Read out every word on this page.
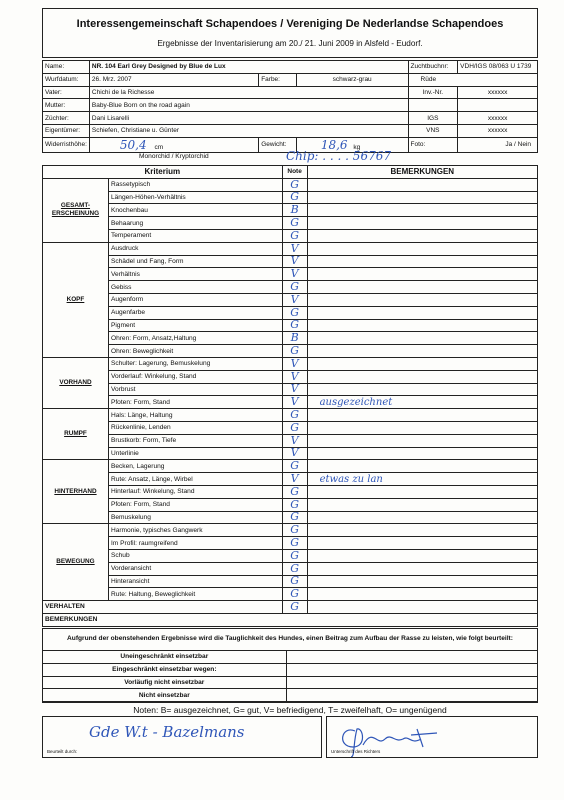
Interessengemeinschaft Schapendoes / Vereniging De Nederlandse Schapendoes
Ergebnisse der Inventarisierung am 20./ 21. Juni 2009 in Alsfeld - Eudorf.
Name:	NR. 104 Earl Grey Designed by Blue de Lux			Zuchtbuchnr:	VDH/IGS 08/063 U 1739
Wurfdatum:	26. Mrz. 2007	Farbe:	schwarz-grau	Rüde	
Vater:	Chichi de la Richesse			Inv.-Nr.	xxxxxx
Mutter:	Baby-Blue Born on the road again				
Züchter:	Dani Lisarelli			IGS	xxxxxx
Eigentümer:	Schiefen, Christiane u. Günter			VNS	xxxxxx
Widerristhöhe:	50,4 cm	Gewicht:	18,6 kg	Foto:	Ja / Nein
Monorchid / Kryptorchid	Chip: . . . . 56767
Kriterium		Note	BEMERKUNGEN
GESAMT-ERSCHEINUNG	Rassetypisch	G	
	Längen-Höhen-Verhältnis	G	
	Knochenbau	B	
	Behaarung	G	
	Temperament	G	
KOPF	Ausdruck	V	
	Schädel und Fang, Form	V	
	Verhältnis	V	
	Gebiss	G	
	Augenform	V	
	Augenfarbe	G	
	Pigment	G	
	Ohren: Form, Ansatz,Haltung	B	
	Ohren: Beweglichkeit	G	
VORHAND	Schulter: Lagerung, Bemuskelung	V	
	Vorderlauf: Winkelung, Stand	V	
	Vorbrust	V	
	Pfoten: Form, Stand	V	ausgezeichnet
RUMPF	Hals: Länge, Haltung	G	
	Rückenlinie, Lenden	G	
	Brustkorb: Form, Tiefe	V	
	Unterlinie	V	
HINTERHAND	Becken, Lagerung	G	
	Rute: Ansatz, Länge, Wirbel	V	etwas zu lan
	Hinterlauf: Winkelung, Stand	G	
	Pfoten: Form, Stand	G	
	Bemuskelung	G	
BEWEGUNG	Harmonie, typisches Gangwerk	G	
	Im Profil: raumgreifend	G	
	Schub	G	
	Vorderansicht	G	
	Hinteransicht	G	
	Rute: Haltung, Beweglichkeit	G	
VERHALTEN		G	
BEMERKUNGEN			
Aufgrund der obenstehenden Ergebnisse wird die Tauglichkeit des Hundes, einen Beitrag zum Aufbau der Rasse zu leisten, wie folgt beurteilt:	
Uneingeschränkt einsetzbar	
Eingeschränkt einsetzbar wegen:	
Vorläufig nicht einsetzbar	
Nicht einsetzbar	
Noten: B= ausgezeichnet, G= gut, V= befriedigend, T= zweifelhaft, O= ungenügend
Gde W.t - Bazelmans
Beurteilt durch:	Unterschrift des Richters
